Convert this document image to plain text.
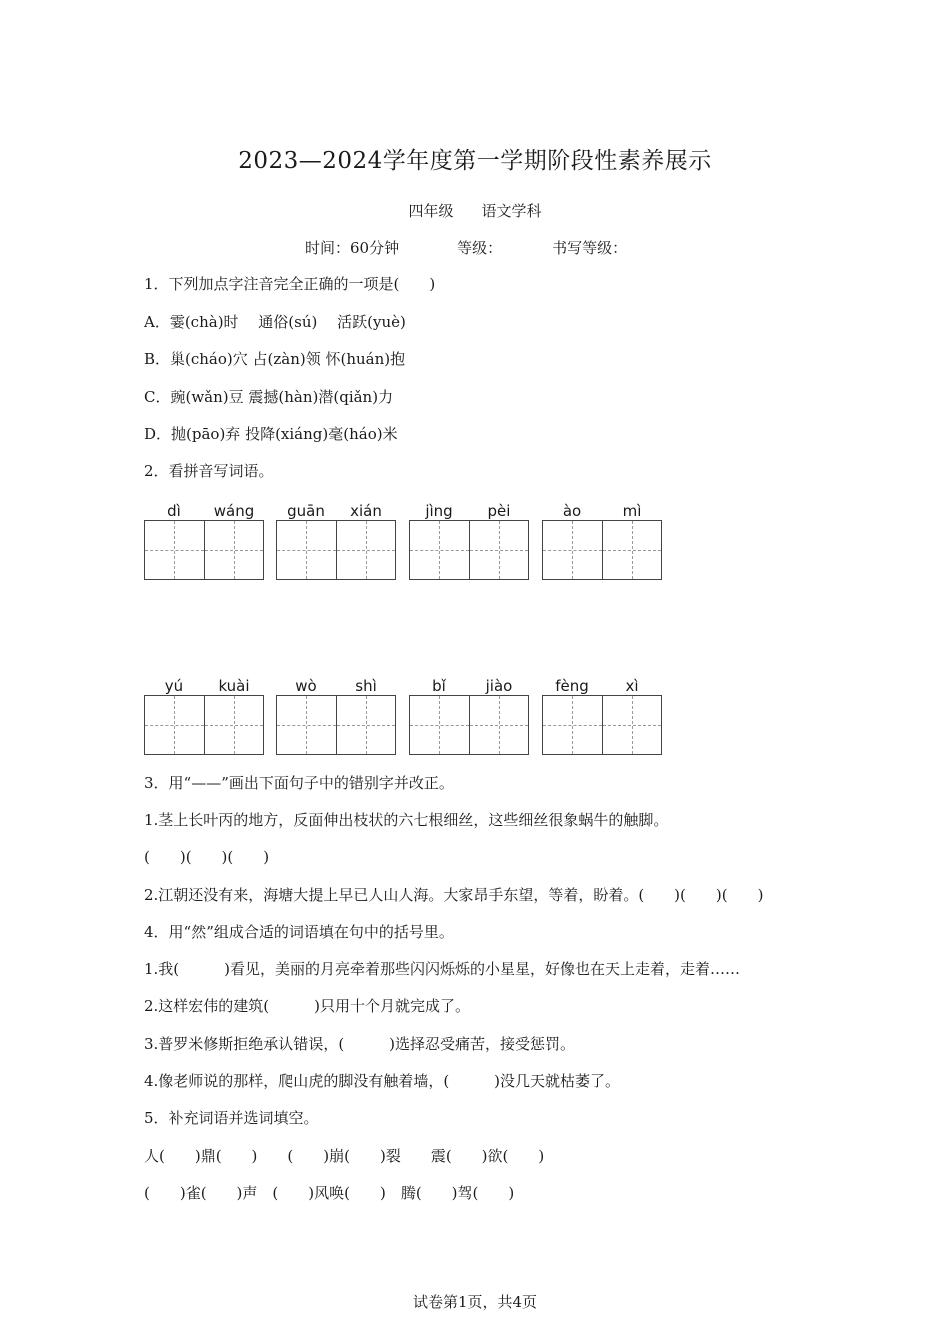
2023—2024学年度第一学期阶段性素养展示
四年级 语文学科
时间：60分钟	等级：	书写等级：
1．下列加点字注音完全正确的一项是(　　)
A．霎(chà)时　 通俗(sú)　 活跃(yuè)
B．巢(cháo)穴 占(zàn)领 怀(huán)抱
C．豌(wǎn)豆 震撼(hàn)潜(qiǎn)力
D．抛(pāo)弃 投降(xiáng)毫(háo)米
2．看拼音写词语。
dì	wáng	guān	xián	jìng	pèi	ào	mì
yú	kuài	wò	shì	bǐ	jiào	fèng	xì
3．用“——”画出下面句子中的错别字并改正。
1.茎上长叶丙的地方，反面伸出枝状的六七根细丝，这些细丝很象蜗牛的触脚。
(　　)(　　)(　　)
2.江朝还没有来，海塘大提上早已人山人海。大家昂手东望，等着，盼着。(　　)(　　)(　　)
4．用“然”组成合适的词语填在句中的括号里。
1.我(　　　)看见，美丽的月亮牵着那些闪闪烁烁的小星星，好像也在天上走着，走着……
2.这样宏伟的建筑(　　　)只用十个月就完成了。
3.普罗米修斯拒绝承认错误，(　　　)选择忍受痛苦，接受惩罚。
4.像老师说的那样，爬山虎的脚没有触着墙，(　　　)没几天就枯萎了。
5．补充词语并选词填空。
人(　　)鼎(　　)　　(　　)崩(　　)裂　　震(　　)欲(　　)
(　　)雀(　　)声　(　　)风唤(　　)　腾(　　)驾(　　)
试卷第1页，共4页
